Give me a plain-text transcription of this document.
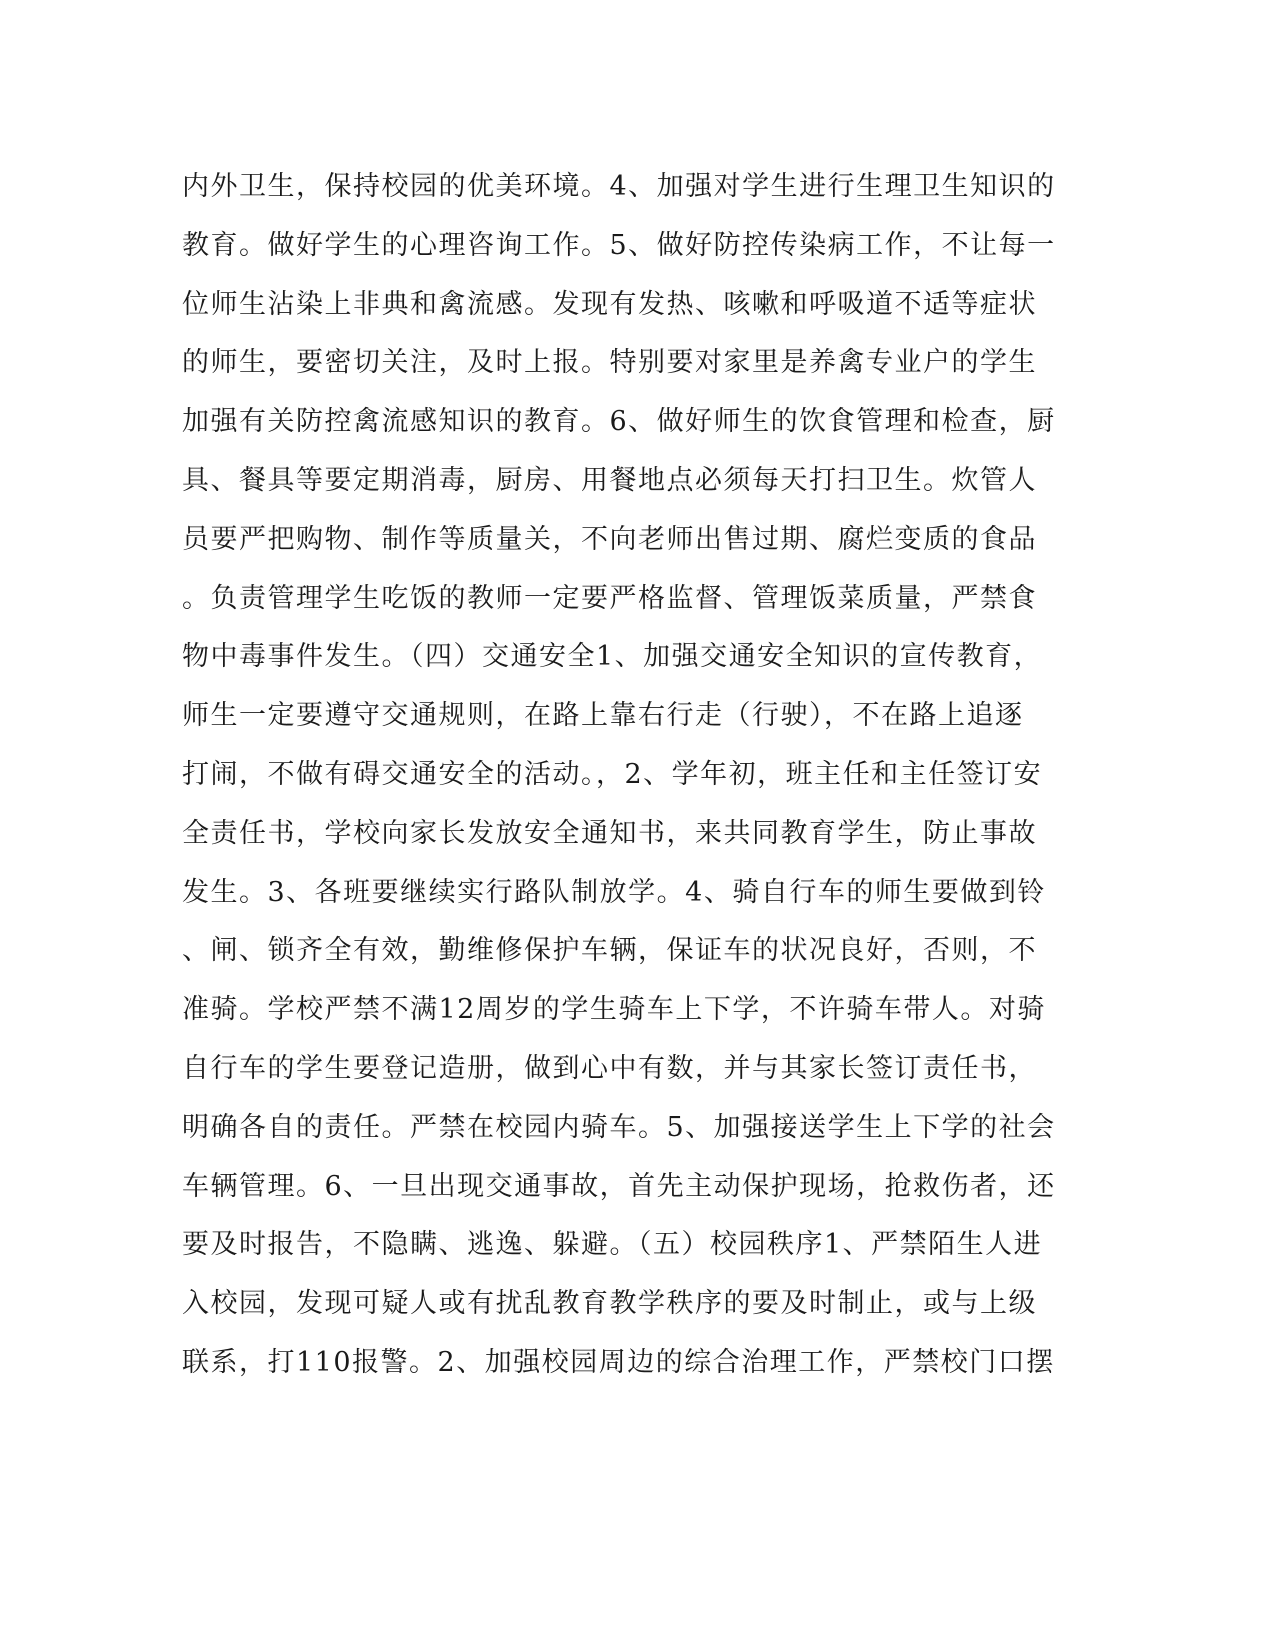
内外卫生，保持校园的优美环境。4、加强对学生进行生理卫生知识的
教育。做好学生的心理咨询工作。5、做好防控传染病工作，不让每一
位师生沾染上非典和禽流感。发现有发热、咳嗽和呼吸道不适等症状
的师生，要密切关注，及时上报。特别要对家里是养禽专业户的学生
加强有关防控禽流感知识的教育。6、做好师生的饮食管理和检查，厨
具、餐具等要定期消毒，厨房、用餐地点必须每天打扫卫生。炊管人
员要严把购物、制作等质量关，不向老师出售过期、腐烂变质的食品
。负责管理学生吃饭的教师一定要严格监督、管理饭菜质量，严禁食
物中毒事件发生。（四）交通安全1、加强交通安全知识的宣传教育，
师生一定要遵守交通规则，在路上靠右行走（行驶），不在路上追逐
打闹，不做有碍交通安全的活动。，2、学年初，班主任和主任签订安
全责任书，学校向家长发放安全通知书，来共同教育学生，防止事故
发生。3、各班要继续实行路队制放学。4、骑自行车的师生要做到铃
、闸、锁齐全有效，勤维修保护车辆，保证车的状况良好，否则，不
准骑。学校严禁不满12周岁的学生骑车上下学，不许骑车带人。对骑
自行车的学生要登记造册，做到心中有数，并与其家长签订责任书，
明确各自的责任。严禁在校园内骑车。5、加强接送学生上下学的社会
车辆管理。6、一旦出现交通事故，首先主动保护现场，抢救伤者，还
要及时报告，不隐瞒、逃逸、躲避。（五）校园秩序1、严禁陌生人进
入校园，发现可疑人或有扰乱教育教学秩序的要及时制止，或与上级
联系，打110报警。2、加强校园周边的综合治理工作，严禁校门口摆
